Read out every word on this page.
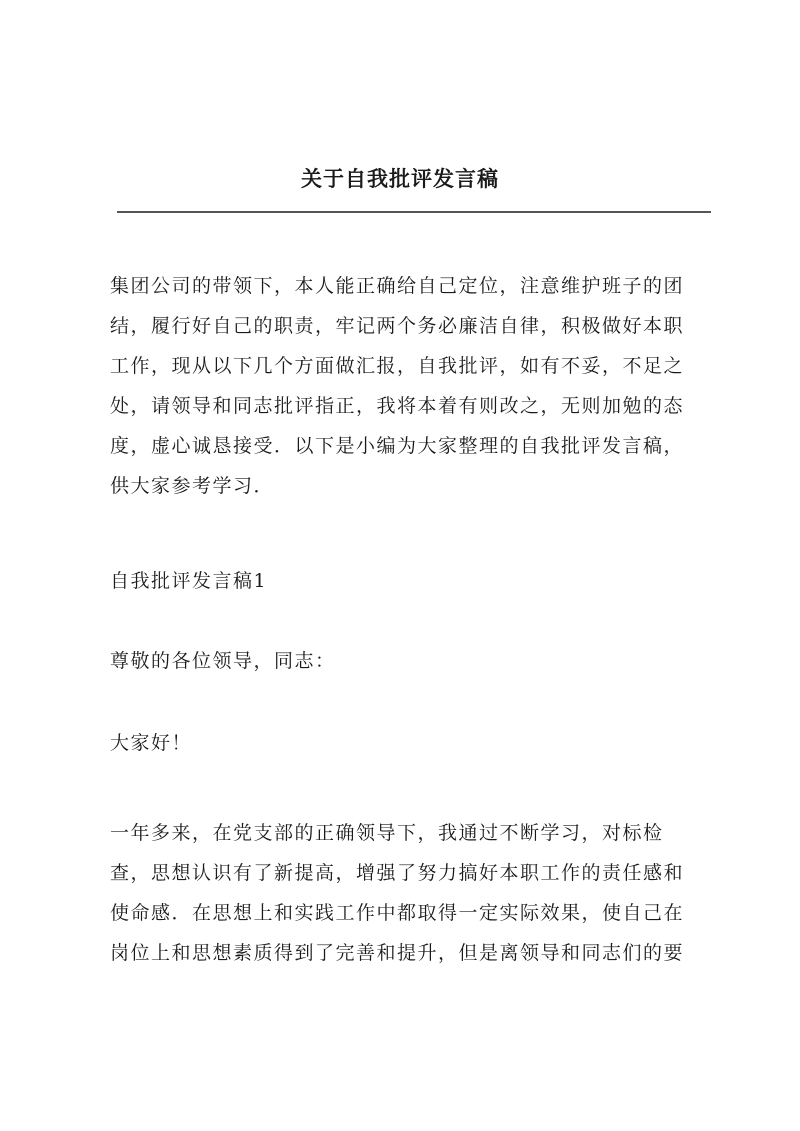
关于自我批评发言稿

集团公司的带领下，本人能正确给自己定位，注意维护班子的团
结，履行好自己的职责，牢记两个务必廉洁自律，积极做好本职
工作，现从以下几个方面做汇报，自我批评，如有不妥，不足之
处，请领导和同志批评指正，我将本着有则改之，无则加勉的态
度，虚心诚恳接受．以下是小编为大家整理的自我批评发言稿，
供大家参考学习．

自我批评发言稿1

尊敬的各位领导，同志：

大家好！

一年多来，在党支部的正确领导下，我通过不断学习，对标检
查，思想认识有了新提高，增强了努力搞好本职工作的责任感和
使命感．在思想上和实践工作中都取得一定实际效果，使自己在
岗位上和思想素质得到了完善和提升，但是离领导和同志们的要
